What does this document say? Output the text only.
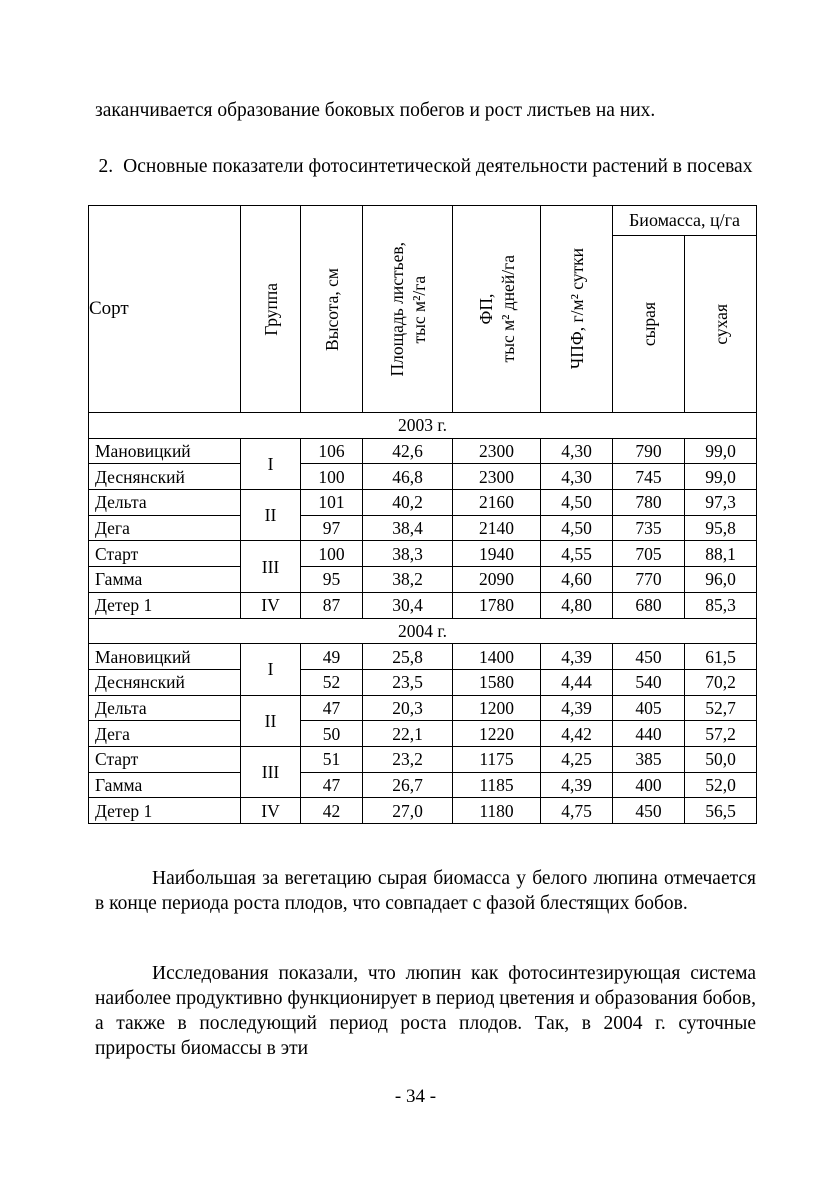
заканчивается образование боковых побегов и рост листьев на них.

2. Основные показатели фотосинтетической деятельности растений в посевах
Сорт	Группа	Высота, см	Площадь листьев, тыс м²/га	ФП, тыс м² дней/га	ЧПФ, г/м² сутки	Биомасса, ц/га	

						сырая	сухая

2003 г.							
Мановицкий	I	106	42,6	2300	4,30	790	99,0
Деснянский		100	46,8	2300	4,30	745	99,0
Дельта	II	101	40,2	2160	4,50	780	97,3
Дега		97	38,4	2140	4,50	735	95,8
Старт	III	100	38,3	1940	4,55	705	88,1
Гамма		95	38,2	2090	4,60	770	96,0
Детер 1	IV	87	30,4	1780	4,80	680	85,3
2004 г.							
Мановицкий	I	49	25,8	1400	4,39	450	61,5
Деснянский		52	23,5	1580	4,44	540	70,2
Дельта	II	47	20,3	1200	4,39	405	52,7
Дега		50	22,1	1220	4,42	440	57,2
Старт	III	51	23,2	1175	4,25	385	50,0
Гамма		47	26,7	1185	4,39	400	52,0
Детер 1	IV	42	27,0	1180	4,75	450	56,5

Наибольшая за вегетацию сырая биомасса у белого люпина отмечается в конце периода роста плодов, что совпадает с фазой блестящих бобов.

Исследования показали, что люпин как фотосинтезирующая система наиболее продуктивно функционирует в период цветения и образования бобов, а также в последующий период роста плодов. Так, в 2004 г. суточные приросты биомассы в эти

- 34 -
